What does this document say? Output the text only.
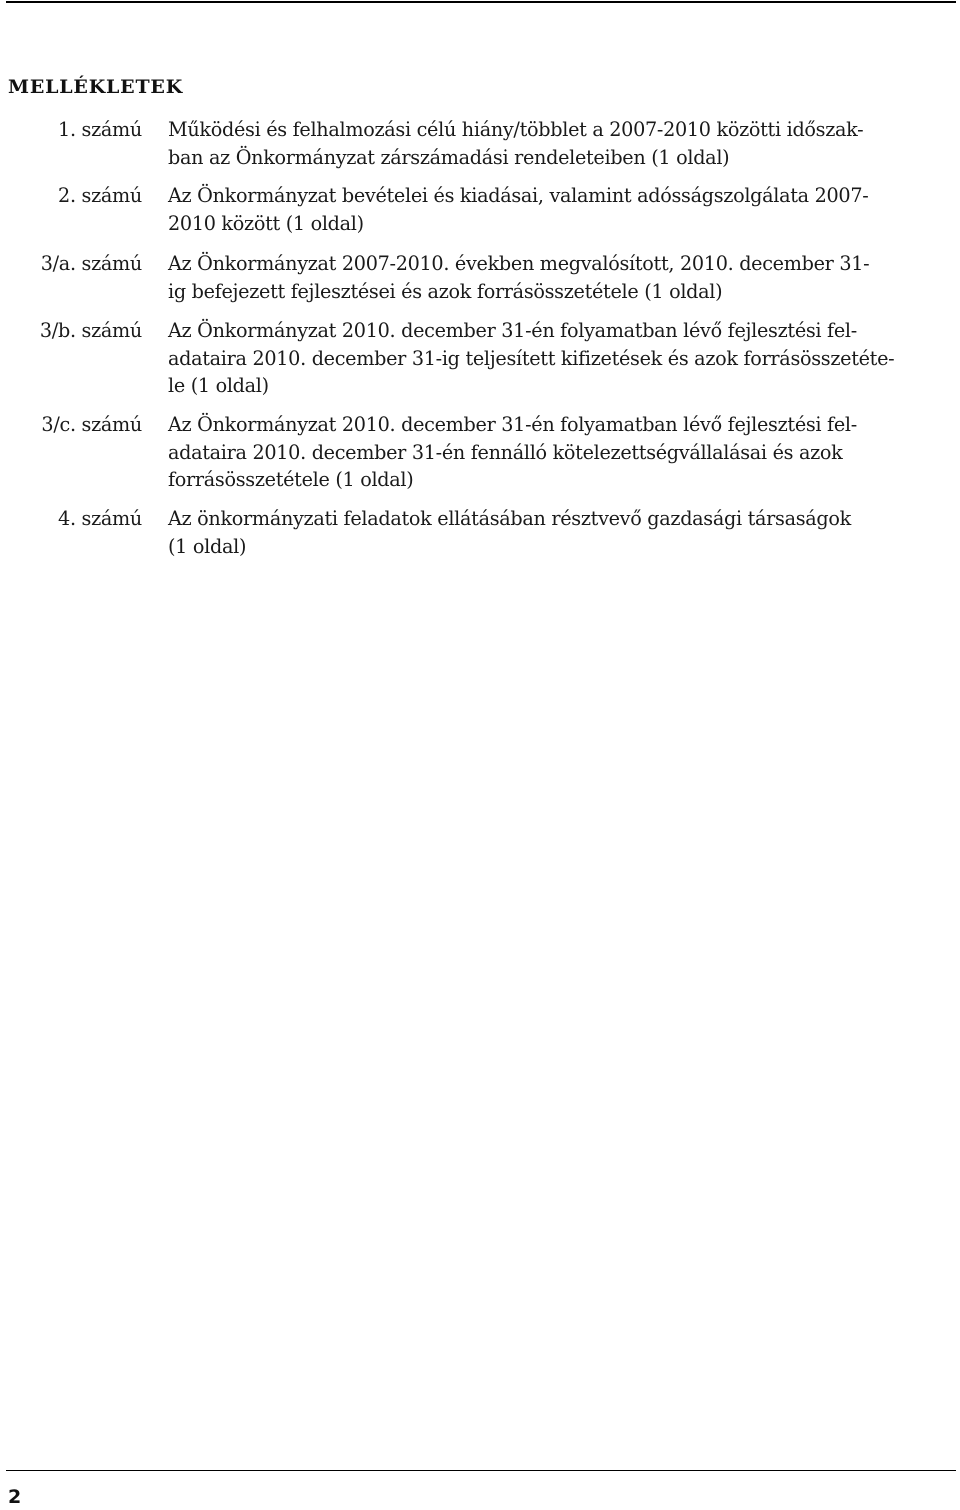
MELLÉKLETEK
1. számú Működési és felhalmozási célú hiány/többlet a 2007-2010 közötti időszak-
ban az Önkormányzat zárszámadási rendeleteiben (1 oldal)
2. számú Az Önkormányzat bevételei és kiadásai, valamint adósságszolgálata 2007-
2010 között (1 oldal)
3/a. számú Az Önkormányzat 2007-2010. években megvalósított, 2010. december 31-
ig befejezett fejlesztései és azok forrásösszetétele (1 oldal)
3/b. számú Az Önkormányzat 2010. december 31-én folyamatban lévő fejlesztési fel-
adataira 2010. december 31-ig teljesített kifizetések és azok forrásösszetéte-
le (1 oldal)
3/c. számú Az Önkormányzat 2010. december 31-én folyamatban lévő fejlesztési fel-
adataira 2010. december 31-én fennálló kötelezettségvállalásai és azok
forrásösszetétele (1 oldal)
4. számú Az önkormányzati feladatok ellátásában résztvevő gazdasági társaságok
(1 oldal)
2
